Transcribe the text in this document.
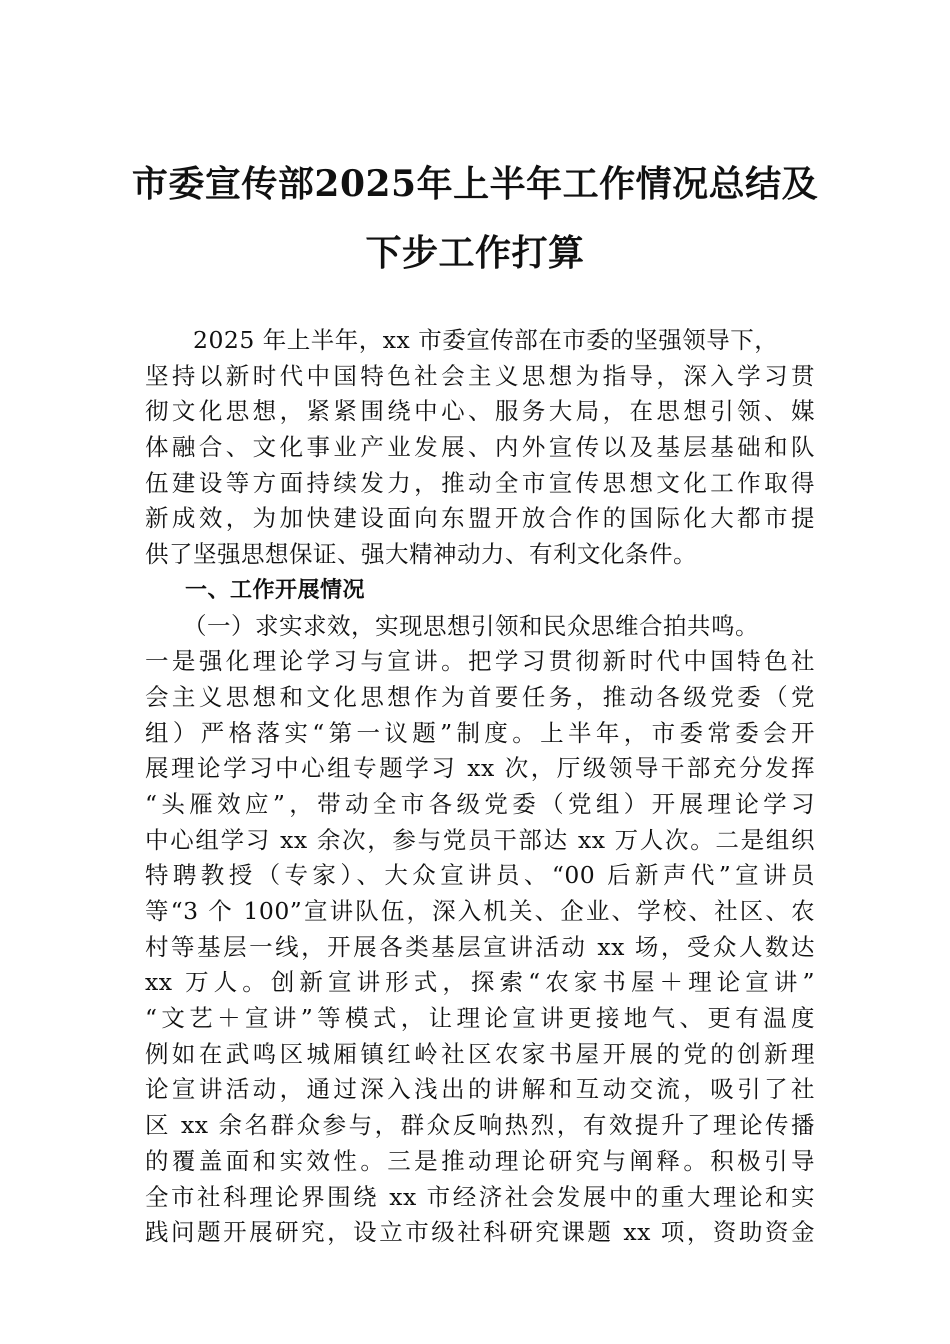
市委宣传部2025年上半年工作情况总结及
下步工作打算
2025 年上半年，xx 市委宣传部在市委的坚强领导下，
坚持以新时代中国特色社会主义思想为指导，深入学习贯
彻文化思想，紧紧围绕中心、服务大局，在思想引领、媒
体融合、文化事业产业发展、内外宣传以及基层基础和队
伍建设等方面持续发力，推动全市宣传思想文化工作取得
新成效，为加快建设面向东盟开放合作的国际化大都市提
供了坚强思想保证、强大精神动力、有利文化条件。
一、工作开展情况
（一）求实求效，实现思想引领和民众思维合拍共鸣。
一是强化理论学习与宣讲。把学习贯彻新时代中国特色社
会主义思想和文化思想作为首要任务，推动各级党委（党
组）严格落实“第一议题”制度。上半年，市委常委会开
展理论学习中心组专题学习 xx 次，厅级领导干部充分发挥
“头雁效应”，带动全市各级党委（党组）开展理论学习
中心组学习 xx 余次，参与党员干部达 xx 万人次。二是组织
特聘教授（专家）、大众宣讲员、“00 后新声代”宣讲员
等“3 个 100”宣讲队伍，深入机关、企业、学校、社区、农
村等基层一线，开展各类基层宣讲活动 xx 场，受众人数达
xx 万人。创新宣讲形式，探索“农家书屋＋理论宣讲”
“文艺＋宣讲”等模式，让理论宣讲更接地气、更有温度
例如在武鸣区城厢镇红岭社区农家书屋开展的党的创新理
论宣讲活动，通过深入浅出的讲解和互动交流，吸引了社
区 xx 余名群众参与，群众反响热烈，有效提升了理论传播
的覆盖面和实效性。三是推动理论研究与阐释。积极引导
全市社科理论界围绕 xx 市经济社会发展中的重大理论和实
践问题开展研究，设立市级社科研究课题 xx 项，资助资金
